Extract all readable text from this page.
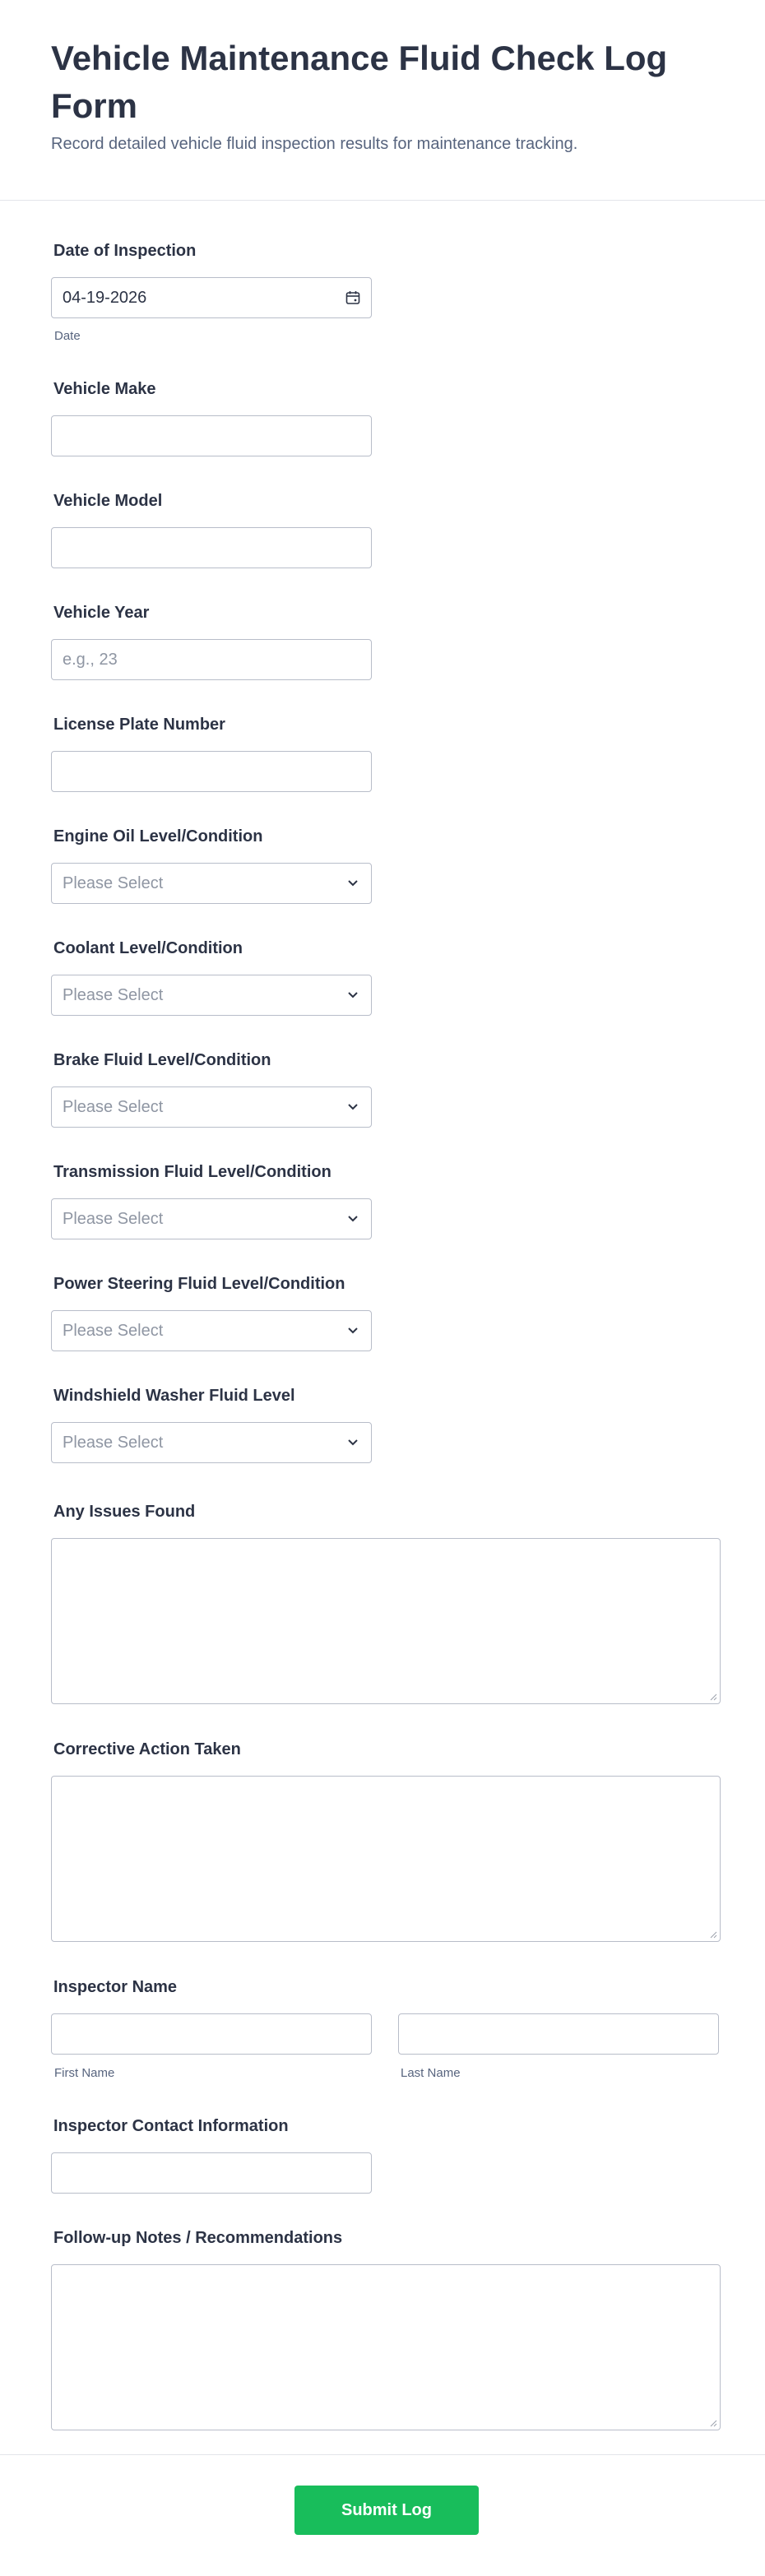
Vehicle Maintenance Fluid Check Log Form

Record detailed vehicle fluid inspection results for maintenance tracking.

Date of Inspection
04-19-2026
Date
Vehicle Make
Vehicle Model
Vehicle Year
e.g., 23
License Plate Number
Engine Oil Level/Condition
Please Select
Coolant Level/Condition
Please Select
Brake Fluid Level/Condition
Please Select
Transmission Fluid Level/Condition
Please Select
Power Steering Fluid Level/Condition
Please Select
Windshield Washer Fluid Level
Please Select
Any Issues Found
Corrective Action Taken
Inspector Name
First Name	Last Name
Inspector Contact Information
Follow-up Notes / Recommendations
Submit Log
